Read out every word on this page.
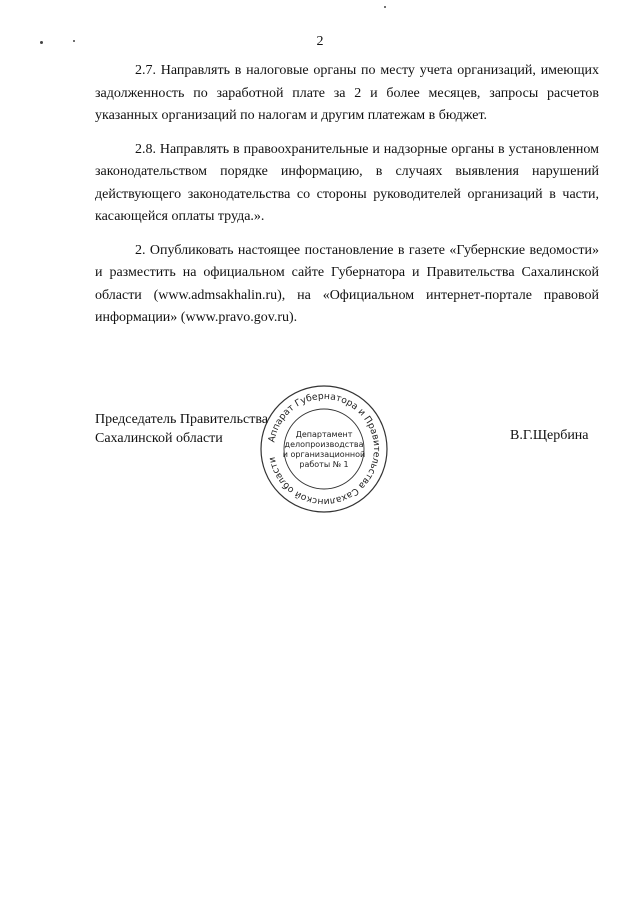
2

2.7. Направлять в налоговые органы по месту учета организаций, имеющих задолженность по заработной плате за 2 и более месяцев, запросы расчетов указанных организаций по налогам и другим платежам в бюджет.

2.8. Направлять в правоохранительные и надзорные органы в установленном законодательством порядке информацию, в случаях выявления нарушений действующего законодательства со стороны руководителей организаций в части, касающейся оплаты труда.».

2. Опубликовать настоящее постановление в газете «Губернские ведомости» и разместить на официальном сайте Губернатора и Правительства Сахалинской области (www.admsakhalin.ru), на «Официальном интернет-портале правовой информации» (www.pravo.gov.ru).

Председатель Правительства
Сахалинской области	Аппарат Губернатора и Правительства Сахалинской области
Департамент
делопроизводства
и организационной
работы № 1
В.Г.Щербина
